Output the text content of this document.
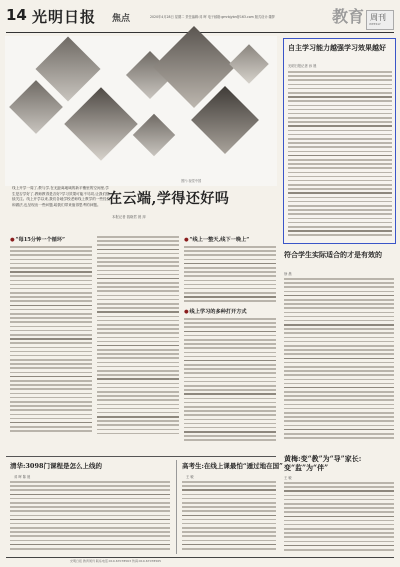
14 光明日报 焦点	2020年4月28日 星期二 责任编辑:邓 晖 电子邮箱:gmrbjybn@163.com 版式设计:董梦	教育 周刊
WEEKLY
图片:视觉中国
线上开学一周了,教与学,在无距离地域的新平衡里的空间里,学生是否学好了,教师教得是否好?学习效果可能不尽同,让我们继续关注。线上开学以来,我们各地学校老师线上教学的一些经验和做法,也呈现出一些问题,给我们带来值得思考的问题。 在云端,学得还好吗
本报记者 钱晓君 晨 萍
自主学习能力越强学习效果越好
光明日报记者 孙 晨
●“每15分钟一个循环”	●“线上一整天,线下一晚上”
●线上学习的多种打开方式
符合学生实际适合的才是有效的
徐 晨
黄梅:变“教”为“导”家长:变“监”为“伴”
王 敏
清华:3098门课程是怎么上线的
邓 晖 陈 晨
高考生:在线上课最怕“遁过地在国”
王 敏
光明日报 教育周刊 联系电话:010-67078563 传真:010-67078565
